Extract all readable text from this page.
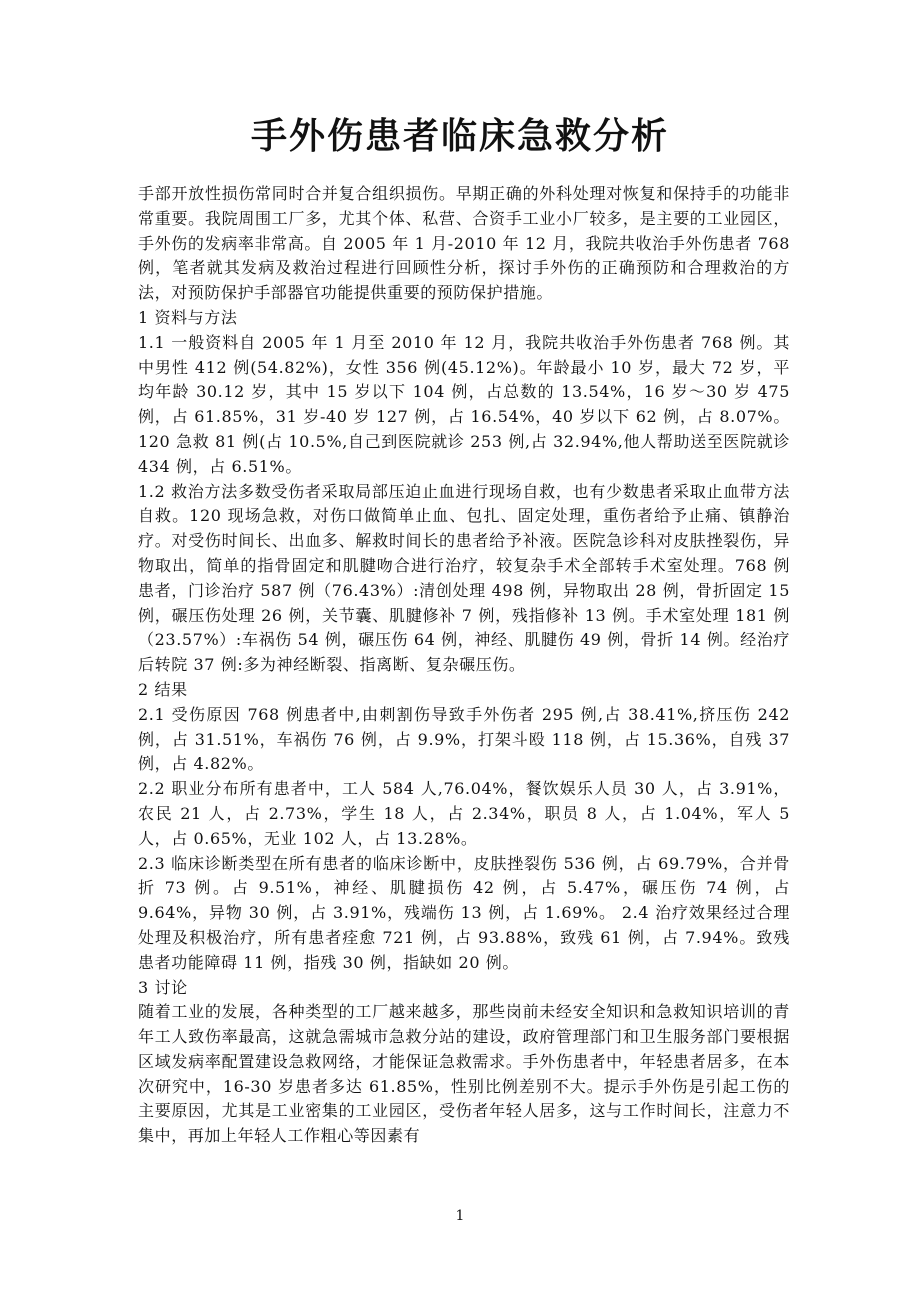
手外伤患者临床急救分析

手部开放性损伤常同时合并复合组织损伤。早期正确的外科处理对恢复和保持手的功能非常重要。我院周围工厂多，尤其个体、私营、合资手工业小厂较多，是主要的工业园区，手外伤的发病率非常高。自 2005 年 1 月-2010 年 12 月，我院共收治手外伤患者 768 例，笔者就其发病及救治过程进行回顾性分析，探讨手外伤的正确预防和合理救治的方法，对预防保护手部器官功能提供重要的预防保护措施。

1 资料与方法

1.1 一般资料自 2005 年 1 月至 2010 年 12 月，我院共收治手外伤患者 768 例。其中男性 412 例(54.82%)，女性 356 例(45.12%)。年龄最小 10 岁，最大 72 岁，平均年龄 30.12 岁，其中 15 岁以下 104 例，占总数的 13.54%，16 岁～30 岁 475 例，占 61.85%，31 岁-40 岁 127 例，占 16.54%，40 岁以下 62 例，占 8.07%。120 急救 81 例(占 10.5%,自己到医院就诊 253 例,占 32.94%,他人帮助送至医院就诊 434 例，占 6.51%。

1.2 救治方法多数受伤者采取局部压迫止血进行现场自救，也有少数患者采取止血带方法自救。120 现场急救，对伤口做简单止血、包扎、固定处理，重伤者给予止痛、镇静治疗。对受伤时间长、出血多、解救时间长的患者给予补液。医院急诊科对皮肤挫裂伤，异物取出，简单的指骨固定和肌腱吻合进行治疗，较复杂手术全部转手术室处理。768 例患者，门诊治疗 587 例（76.43%）:清创处理 498 例，异物取出 28 例，骨折固定 15 例，碾压伤处理 26 例，关节囊、肌腱修补 7 例，残指修补 13 例。手术室处理 181 例（23.57%）:车祸伤 54 例，碾压伤 64 例，神经、肌腱伤 49 例，骨折 14 例。经治疗后转院 37 例:多为神经断裂、指离断、复杂碾压伤。

2 结果

2.1 受伤原因 768 例患者中,由刺割伤导致手外伤者 295 例,占 38.41%,挤压伤 242 例，占 31.51%，车祸伤 76 例，占 9.9%，打架斗殴 118 例，占 15.36%，自残 37 例，占 4.82%。

2.2 职业分布所有患者中，工人 584 人,76.04%，餐饮娱乐人员 30 人，占 3.91%，农民 21 人，占 2.73%，学生 18 人，占 2.34%，职员 8 人，占 1.04%，军人 5 人，占 0.65%，无业 102 人，占 13.28%。

2.3 临床诊断类型在所有患者的临床诊断中，皮肤挫裂伤 536 例，占 69.79%，合并骨折 73 例。占 9.51%，神经、肌腱损伤 42 例，占 5.47%，碾压伤 74 例，占 9.64%，异物 30 例，占 3.91%，残端伤 13 例，占 1.69%。 2.4 治疗效果经过合理处理及积极治疗，所有患者痊愈 721 例，占 93.88%，致残 61 例，占 7.94%。致残患者功能障碍 11 例，指残 30 例，指缺如 20 例。

3 讨论

随着工业的发展，各种类型的工厂越来越多，那些岗前未经安全知识和急救知识培训的青年工人致伤率最高，这就急需城市急救分站的建设，政府管理部门和卫生服务部门要根据区域发病率配置建设急救网络，才能保证急救需求。手外伤患者中，年轻患者居多，在本次研究中，16-30 岁患者多达 61.85%，性别比例差别不大。提示手外伤是引起工伤的主要原因，尤其是工业密集的工业园区，受伤者年轻人居多，这与工作时间长，注意力不集中，再加上年轻人工作粗心等因素有

1
